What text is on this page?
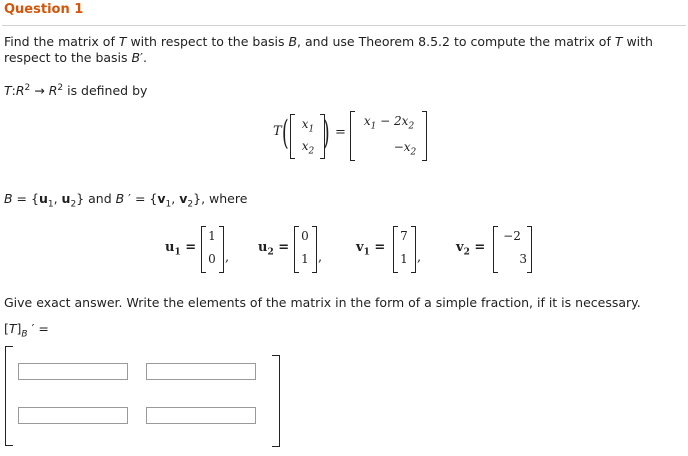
Question 1
Find the matrix of T with respect to the basis B, and use Theorem 8.5.2 to compute the matrix of T with
respect to the basis B′.
$T:R^2 \to R^2$ is defined by
T (	$x_1$
$x_2$ ) =
$x_1 - 2x_2$
$-x_2$
$B = \{u_1$, $u_2$} and B ′ = {$v_1$, $v_2$}, where
$u_1$ =
1
0 ,
$u_2$ =
0
1 ,
$v_1$ =
7
1 ,
$v_2$ =
−2
3
Give exact answer. Write the elements of the matrix in the form of a simple fraction, if it is necessary.
$[T]_B$ ′ =
